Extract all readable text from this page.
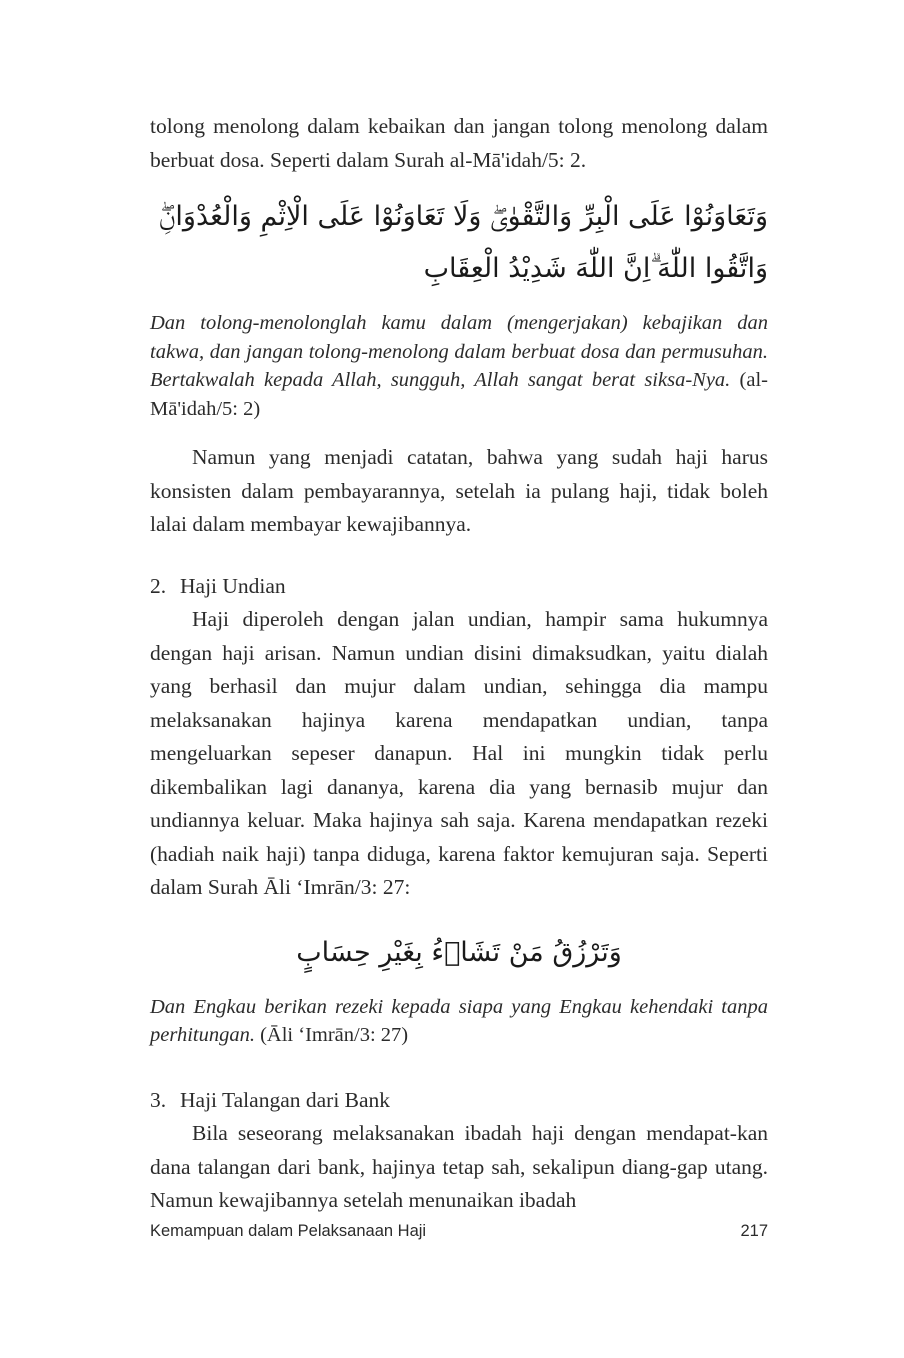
tolong menolong dalam kebaikan dan jangan tolong menolong dalam berbuat dosa. Seperti dalam Surah al-Mā'idah/5: 2.

وَتَعَاوَنُوْا عَلَى الْبِرِّ وَالتَّقْوٰىۖ وَلَا تَعَاوَنُوْا عَلَى الْاِثْمِ وَالْعُدْوَانِۖ وَاتَّقُوا اللّٰهَ ۗاِنَّ اللّٰهَ شَدِيْدُ الْعِقَابِ

Dan tolong-menolonglah kamu dalam (mengerjakan) kebajikan dan takwa, dan jangan tolong-menolong dalam berbuat dosa dan permusuhan. Bertakwalah kepada Allah, sungguh, Allah sangat berat siksa-Nya. (al-Mā'idah/5: 2)

Namun yang menjadi catatan, bahwa yang sudah haji harus konsisten dalam pembayarannya, setelah ia pulang haji, tidak boleh lalai dalam membayar kewajibannya.

2. Haji Undian

Haji diperoleh dengan jalan undian, hampir sama hukumnya dengan haji arisan. Namun undian disini dimaksudkan, yaitu dialah yang berhasil dan mujur dalam undian, sehingga dia mampu melaksanakan hajinya karena mendapatkan undian, tanpa mengeluarkan sepeser danapun. Hal ini mungkin tidak perlu dikembalikan lagi dananya, karena dia yang bernasib mujur dan undiannya keluar. Maka hajinya sah saja. Karena mendapatkan rezeki (hadiah naik haji) tanpa diduga, karena faktor kemujuran saja. Seperti dalam Surah Āli ‘Imrān/3: 27:

وَتَرْزُقُ مَنْ تَشَاۤءُ بِغَيْرِ حِسَابٍ

Dan Engkau berikan rezeki kepada siapa yang Engkau kehendaki tanpa perhitungan. (Āli ‘Imrān/3: 27)

3. Haji Talangan dari Bank

Bila seseorang melaksanakan ibadah haji dengan mendapat-kan dana talangan dari bank, hajinya tetap sah, sekalipun diang-gap utang. Namun kewajibannya setelah menunaikan ibadah

Kemampuan dalam Pelaksanaan Haji	217
